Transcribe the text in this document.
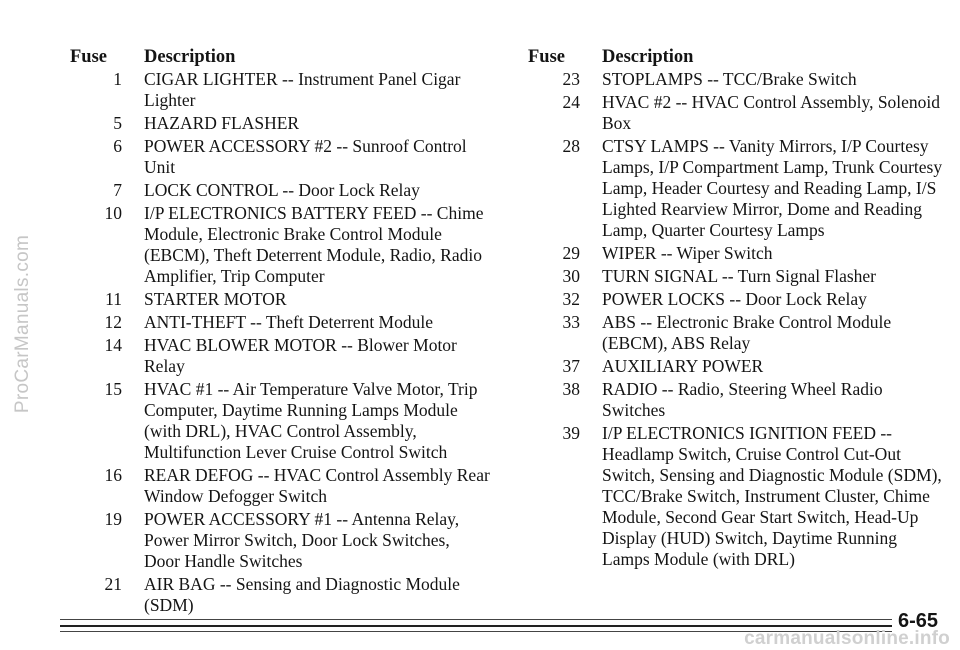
ProCarManuals.com
Fuse	Description
1	CIGAR LIGHTER -- Instrument Panel Cigar Lighter
5	HAZARD FLASHER
6	POWER ACCESSORY #2 -- Sunroof Control Unit
7	LOCK CONTROL -- Door Lock Relay
10	I/P ELECTRONICS BATTERY FEED -- Chime Module, Electronic Brake Control Module (EBCM), Theft Deterrent Module, Radio, Radio Amplifier, Trip Computer
11	STARTER MOTOR
12	ANTI-THEFT -- Theft Deterrent Module
14	HVAC BLOWER MOTOR -- Blower Motor Relay
15	HVAC #1 -- Air Temperature Valve Motor, Trip Computer, Daytime Running Lamps Module (with DRL), HVAC Control Assembly, Multifunction Lever Cruise Control Switch
16	REAR DEFOG -- HVAC Control Assembly Rear Window Defogger Switch
19	POWER ACCESSORY #1 -- Antenna Relay, Power Mirror Switch, Door Lock Switches, Door Handle Switches
21	AIR BAG -- Sensing and Diagnostic Module (SDM)
Fuse	Description
23	STOPLAMPS -- TCC/Brake Switch
24	HVAC #2 -- HVAC Control Assembly, Solenoid Box
28	CTSY LAMPS -- Vanity Mirrors, I/P Courtesy Lamps, I/P Compartment Lamp, Trunk Courtesy Lamp, Header Courtesy and Reading Lamp, I/S Lighted Rearview Mirror, Dome and Reading Lamp, Quarter Courtesy Lamps
29	WIPER -- Wiper Switch
30	TURN SIGNAL -- Turn Signal Flasher
32	POWER LOCKS -- Door Lock Relay
33	ABS -- Electronic Brake Control Module (EBCM), ABS Relay
37	AUXILIARY POWER
38	RADIO -- Radio, Steering Wheel Radio Switches
39	I/P ELECTRONICS IGNITION FEED -- Headlamp Switch, Cruise Control Cut-Out Switch, Sensing and Diagnostic Module (SDM), TCC/Brake Switch, Instrument Cluster, Chime Module, Second Gear Start Switch, Head-Up Display (HUD) Switch, Daytime Running Lamps Module (with DRL)
6-65
carmanualsonline.info
